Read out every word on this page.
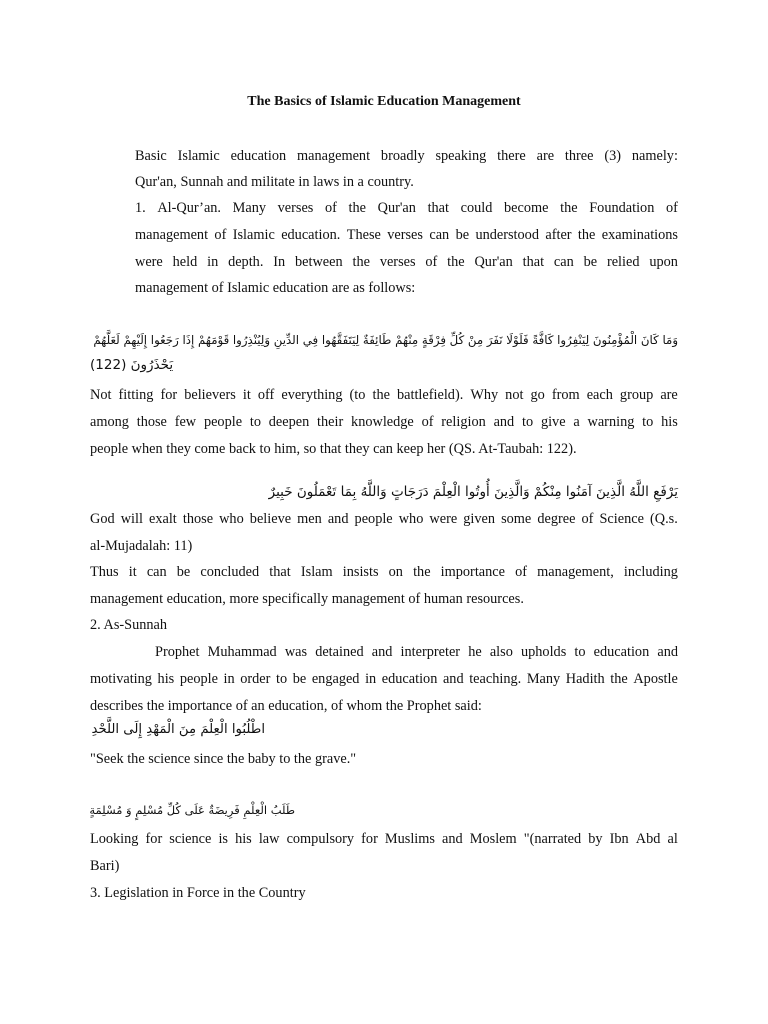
The Basics of Islamic Education Management
Basic Islamic education management broadly speaking there are three (3) namely:
Qur'an, Sunnah and militate in laws in a country.
1. Al-Qur’an. Many verses of the Qur'an that could become the Foundation of
management of Islamic education. These verses can be understood after the examinations
were held in depth. In between the verses of the Qur'an that can be relied upon
management of Islamic education are as follows:
وَمَا كَانَ الْمُؤْمِنُونَ لِيَنْفِرُوا كَافَّةً فَلَوْلَا نَفَرَ مِنْ كُلِّ فِرْقَةٍ مِنْهُمْ طَائِفَةٌ لِيَتَفَقَّهُوا فِي الدِّينِ وَلِيُنْذِرُوا قَوْمَهُمْ إِذَا رَجَعُوا إِلَيْهِمْ لَعَلَّهُمْ
يَحْذَرُونَ (122)
Not fitting for believers it off everything (to the battlefield). Why not go from each group are
among those few people to deepen their knowledge of religion and to give a warning to his
people when they come back to him, so that they can keep her (QS. At-Taubah: 122).
يَرْفَعِ اللَّهُ الَّذِينَ آمَنُوا مِنْكُمْ وَالَّذِينَ أُوتُوا الْعِلْمَ دَرَجَاتٍ وَاللَّهُ بِمَا تَعْمَلُونَ خَبِيرٌ
God will exalt those who believe men and people who were given some degree of Science (Q.s.
al-Mujadalah: 11)
Thus it can be concluded that Islam insists on the importance of management, including
management education, more specifically management of human resources.
2. As-Sunnah
Prophet Muhammad was detained and interpreter he also upholds to education and
motivating his people in order to be engaged in education and teaching. Many Hadith the Apostle
describes the importance of an education, of whom the Prophet said:
اطْلُبُوا الْعِلْمَ مِنَ الْمَهْدِ إِلَى اللَّحْدِ
"Seek the science since the baby to the grave."
طَلَبُ الْعِلْمِ فَرِيضَةٌ عَلَى كُلِّ مُسْلِمٍ وَ مُسْلِمَةٍ
Looking for science is his law compulsory for Muslims and Moslem "(narrated by Ibn Abd al
Bari)
3. Legislation in Force in the Country
